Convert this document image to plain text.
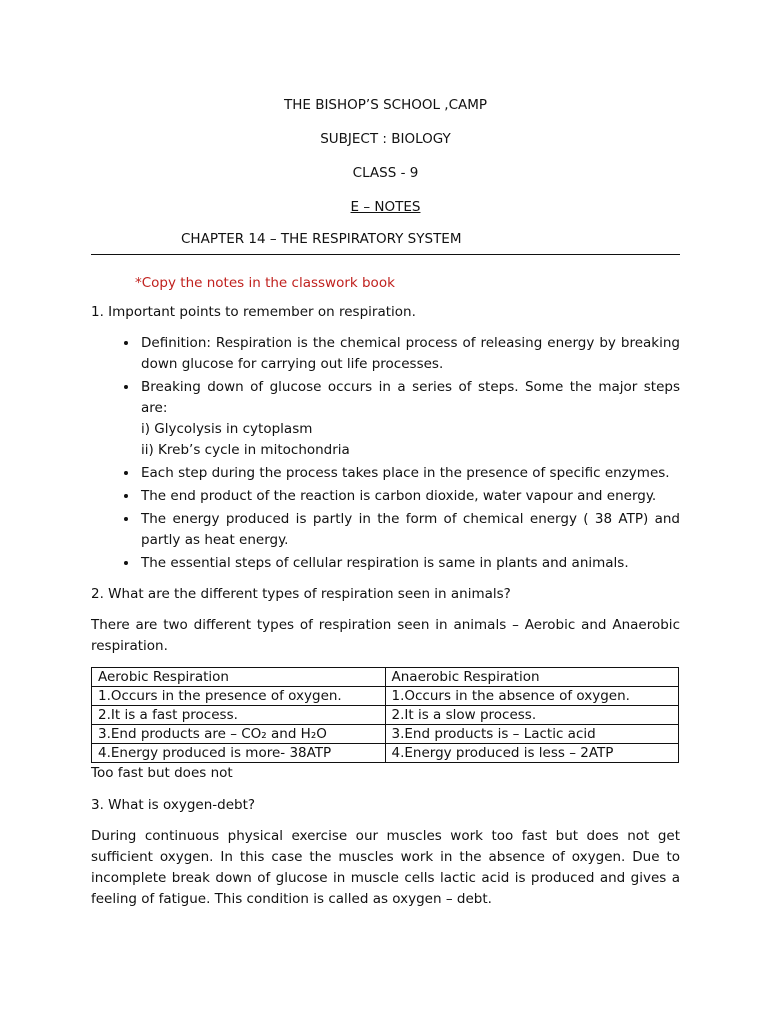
THE BISHOP’S SCHOOL ,CAMP
SUBJECT : BIOLOGY
CLASS - 9
E – NOTES
CHAPTER 14 – THE RESPIRATORY SYSTEM
*Copy the notes in the classwork book

1. Important points to remember on respiration.

• Definition: Respiration is the chemical process of releasing energy by breaking down glucose for carrying out life processes.
• Breaking down of glucose occurs in a series of steps. Some the major steps are:
i) Glycolysis in cytoplasm
ii) Kreb’s cycle in mitochondria
• Each step during the process takes place in the presence of specific enzymes.
• The end product of the reaction is carbon dioxide, water vapour and energy.
• The energy produced is partly in the form of chemical energy ( 38 ATP) and partly as heat energy.
• The essential steps of cellular respiration is same in plants and animals.

2. What are the different types of respiration seen in animals?

There are two different types of respiration seen in animals – Aerobic and Anaerobic respiration.

Aerobic Respiration	Anaerobic Respiration
1.Occurs in the presence of oxygen.	1.Occurs in the absence of oxygen.
2.It is a fast process.	2.It is a slow process.
3.End products are – CO₂ and H₂O	3.End products is – Lactic acid
4.Energy produced is more- 38ATP	4.Energy produced is less – 2ATP

Too fast but does not

3. What is oxygen-debt?

During continuous physical exercise our muscles work too fast but does not get sufficient oxygen. In this case the muscles work in the absence of oxygen. Due to incomplete break down of glucose in muscle cells lactic acid is produced and gives a feeling of fatigue. This condition is called as oxygen – debt.
